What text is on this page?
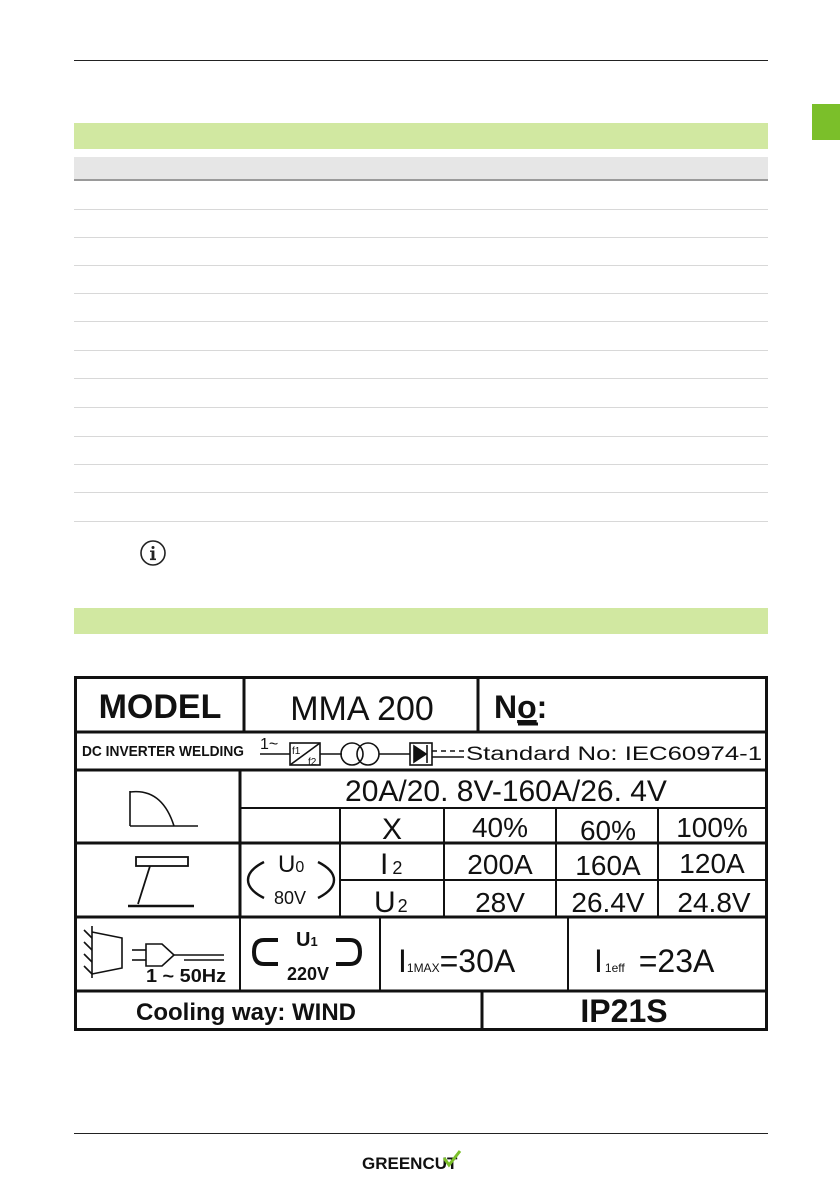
MODEL MMA 200 No:
DC INVERTER WELDING 1~ f1
f2	Standard No: IEC60974-1
20A/20. 8V-160A/26. 4V
X 40% 60% 100%
U0
80V
I 2 200A 160A 120A
U 2 28V 26.4V 24.8V
1 ~ 50Hz
U1
220V I1MAX=30A I 1eff =23A
Cooling way: WIND	IP21S
GREENCUT
